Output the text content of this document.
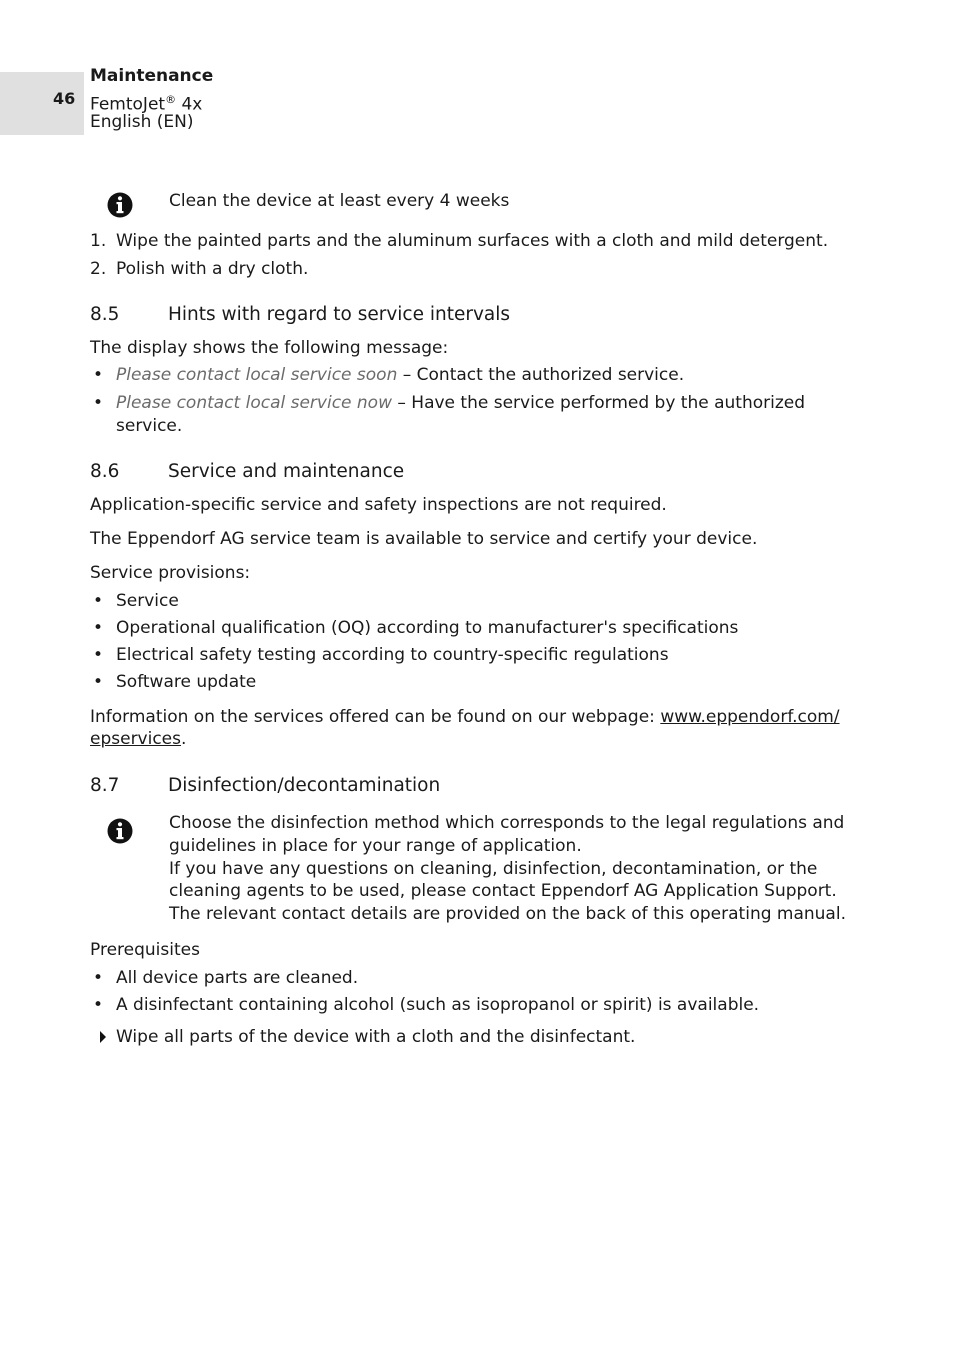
46
Maintenance
FemtoJet® 4x
English (EN)
Clean the device at least every 4 weeks
1. Wipe the painted parts and the aluminum surfaces with a cloth and mild detergent.
2. Polish with a dry cloth.
8.5	Hints with regard to service intervals
The display shows the following message:
• Please contact local service soon – Contact the authorized service.
• Please contact local service now – Have the service performed by the authorized
service.
8.6	Service and maintenance
Application-specific service and safety inspections are not required.
The Eppendorf AG service team is available to service and certify your device.
Service provisions:
• Service
• Operational qualification (OQ) according to manufacturer's specifications
• Electrical safety testing according to country-specific regulations
• Software update
Information on the services offered can be found on our webpage: www.eppendorf.com/
epservices.
8.7	Disinfection/decontamination
Choose the disinfection method which corresponds to the legal regulations and
guidelines in place for your range of application.
If you have any questions on cleaning, disinfection, decontamination, or the
cleaning agents to be used, please contact Eppendorf AG Application Support.
The relevant contact details are provided on the back of this operating manual.
Prerequisites
• All device parts are cleaned.
• A disinfectant containing alcohol (such as isopropanol or spirit) is available.
Wipe all parts of the device with a cloth and the disinfectant.
